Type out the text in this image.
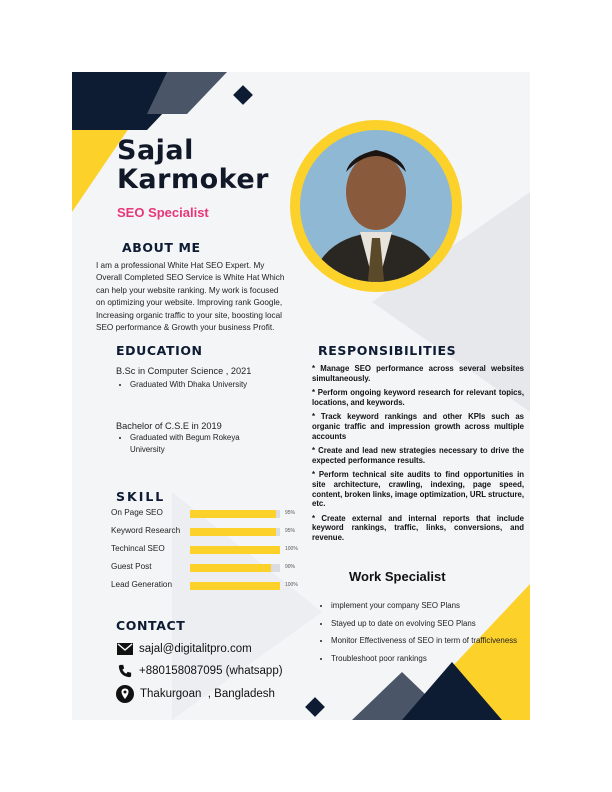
Sajal
Karmoker
SEO Specialist
ABOUT ME
I am a professional White Hat SEO Expert. My
Overall Completed SEO Service is White Hat Which
can help your website ranking. My work is focused
on optimizing your website. Improving rank Google,
Increasing organic traffic to your site, boosting local
SEO performance & Growth your business Profit.
EDUCATION
B.Sc in Computer Science , 2021
• Graduated With Dhaka University
Bachelor of C.S.E in 2019
• Graduated with Begum Rokeya
University
SKILL
CONTACT
sajal@digitalitpro.com
+880158087095 (whatsapp)
Thakurgoan  , Bangladesh
RESPONSIBILITIES

* Manage SEO performance across several websites simultaneously.

* Perform ongoing keyword research for relevant topics, locations, and keywords.

* Track keyword rankings and other KPIs such as organic traffic and impression growth across multiple accounts

* Create and lead new strategies necessary to drive the expected performance results.

* Perform technical site audits to find opportunities in site architecture, crawling, indexing, page speed, content, broken links, image optimization, URL structure, etc.

* Create external and internal reports that include keyword rankings, traffic, links, conversions, and revenue.

Work Specialist
• implement your company SEO Plans
• Stayed up to date on evolving SEO Plans
• Monitor Effectiveness of SEO in term of trafficiveness
• Troubleshoot poor rankings
On Page SEO	95%
Keyword Research	95%
Techincal SEO	100%
Guest Post	90%
Lead Generation	100%
